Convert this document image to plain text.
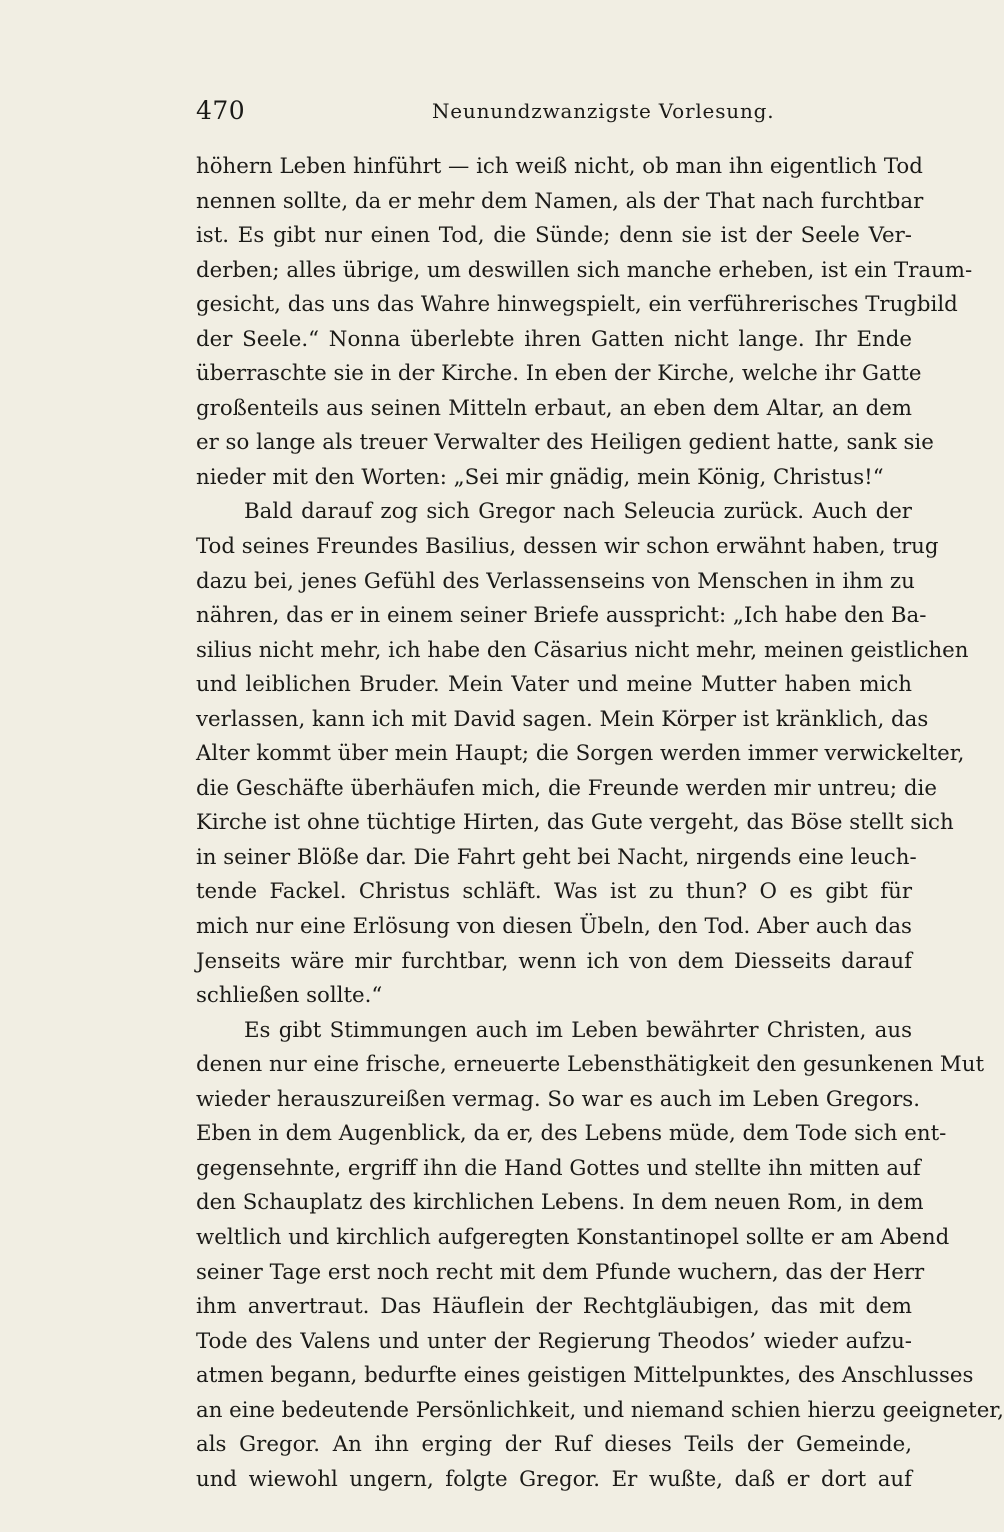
470	Neunundzwanzigste Vorlesung.
höhern Leben hinführt — ich weiß nicht, ob man ihn eigentlich Tod
nennen sollte, da er mehr dem Namen, als der That nach furchtbar
ist. Es gibt nur einen Tod, die Sünde; denn sie ist der Seele Ver-
derben; alles übrige, um deswillen sich manche erheben, ist ein Traum-
gesicht, das uns das Wahre hinwegspielt, ein verführerisches Trugbild
der Seele.“ Nonna überlebte ihren Gatten nicht lange. Ihr Ende
überraschte sie in der Kirche. In eben der Kirche, welche ihr Gatte
großenteils aus seinen Mitteln erbaut, an eben dem Altar, an dem
er so lange als treuer Verwalter des Heiligen gedient hatte, sank sie
nieder mit den Worten: „Sei mir gnädig, mein König, Christus!“
Bald darauf zog sich Gregor nach Seleucia zurück. Auch der
Tod seines Freundes Basilius, dessen wir schon erwähnt haben, trug
dazu bei, jenes Gefühl des Verlassenseins von Menschen in ihm zu
nähren, das er in einem seiner Briefe ausspricht: „Ich habe den Ba-
silius nicht mehr, ich habe den Cäsarius nicht mehr, meinen geistlichen
und leiblichen Bruder. Mein Vater und meine Mutter haben mich
verlassen, kann ich mit David sagen. Mein Körper ist kränklich, das
Alter kommt über mein Haupt; die Sorgen werden immer verwickelter,
die Geschäfte überhäufen mich, die Freunde werden mir untreu; die
Kirche ist ohne tüchtige Hirten, das Gute vergeht, das Böse stellt sich
in seiner Blöße dar. Die Fahrt geht bei Nacht, nirgends eine leuch-
tende Fackel. Christus schläft. Was ist zu thun? O es gibt für
mich nur eine Erlösung von diesen Übeln, den Tod. Aber auch das
Jenseits wäre mir furchtbar, wenn ich von dem Diesseits darauf
schließen sollte.“
Es gibt Stimmungen auch im Leben bewährter Christen, aus
denen nur eine frische, erneuerte Lebensthätigkeit den gesunkenen Mut
wieder herauszureißen vermag. So war es auch im Leben Gregors.
Eben in dem Augenblick, da er, des Lebens müde, dem Tode sich ent-
gegensehnte, ergriff ihn die Hand Gottes und stellte ihn mitten auf
den Schauplatz des kirchlichen Lebens. In dem neuen Rom, in dem
weltlich und kirchlich aufgeregten Konstantinopel sollte er am Abend
seiner Tage erst noch recht mit dem Pfunde wuchern, das der Herr
ihm anvertraut. Das Häuflein der Rechtgläubigen, das mit dem
Tode des Valens und unter der Regierung Theodos’ wieder aufzu-
atmen begann, bedurfte eines geistigen Mittelpunktes, des Anschlusses
an eine bedeutende Persönlichkeit, und niemand schien hierzu geeigneter,
als Gregor. An ihn erging der Ruf dieses Teils der Gemeinde,
und wiewohl ungern, folgte Gregor. Er wußte, daß er dort auf
